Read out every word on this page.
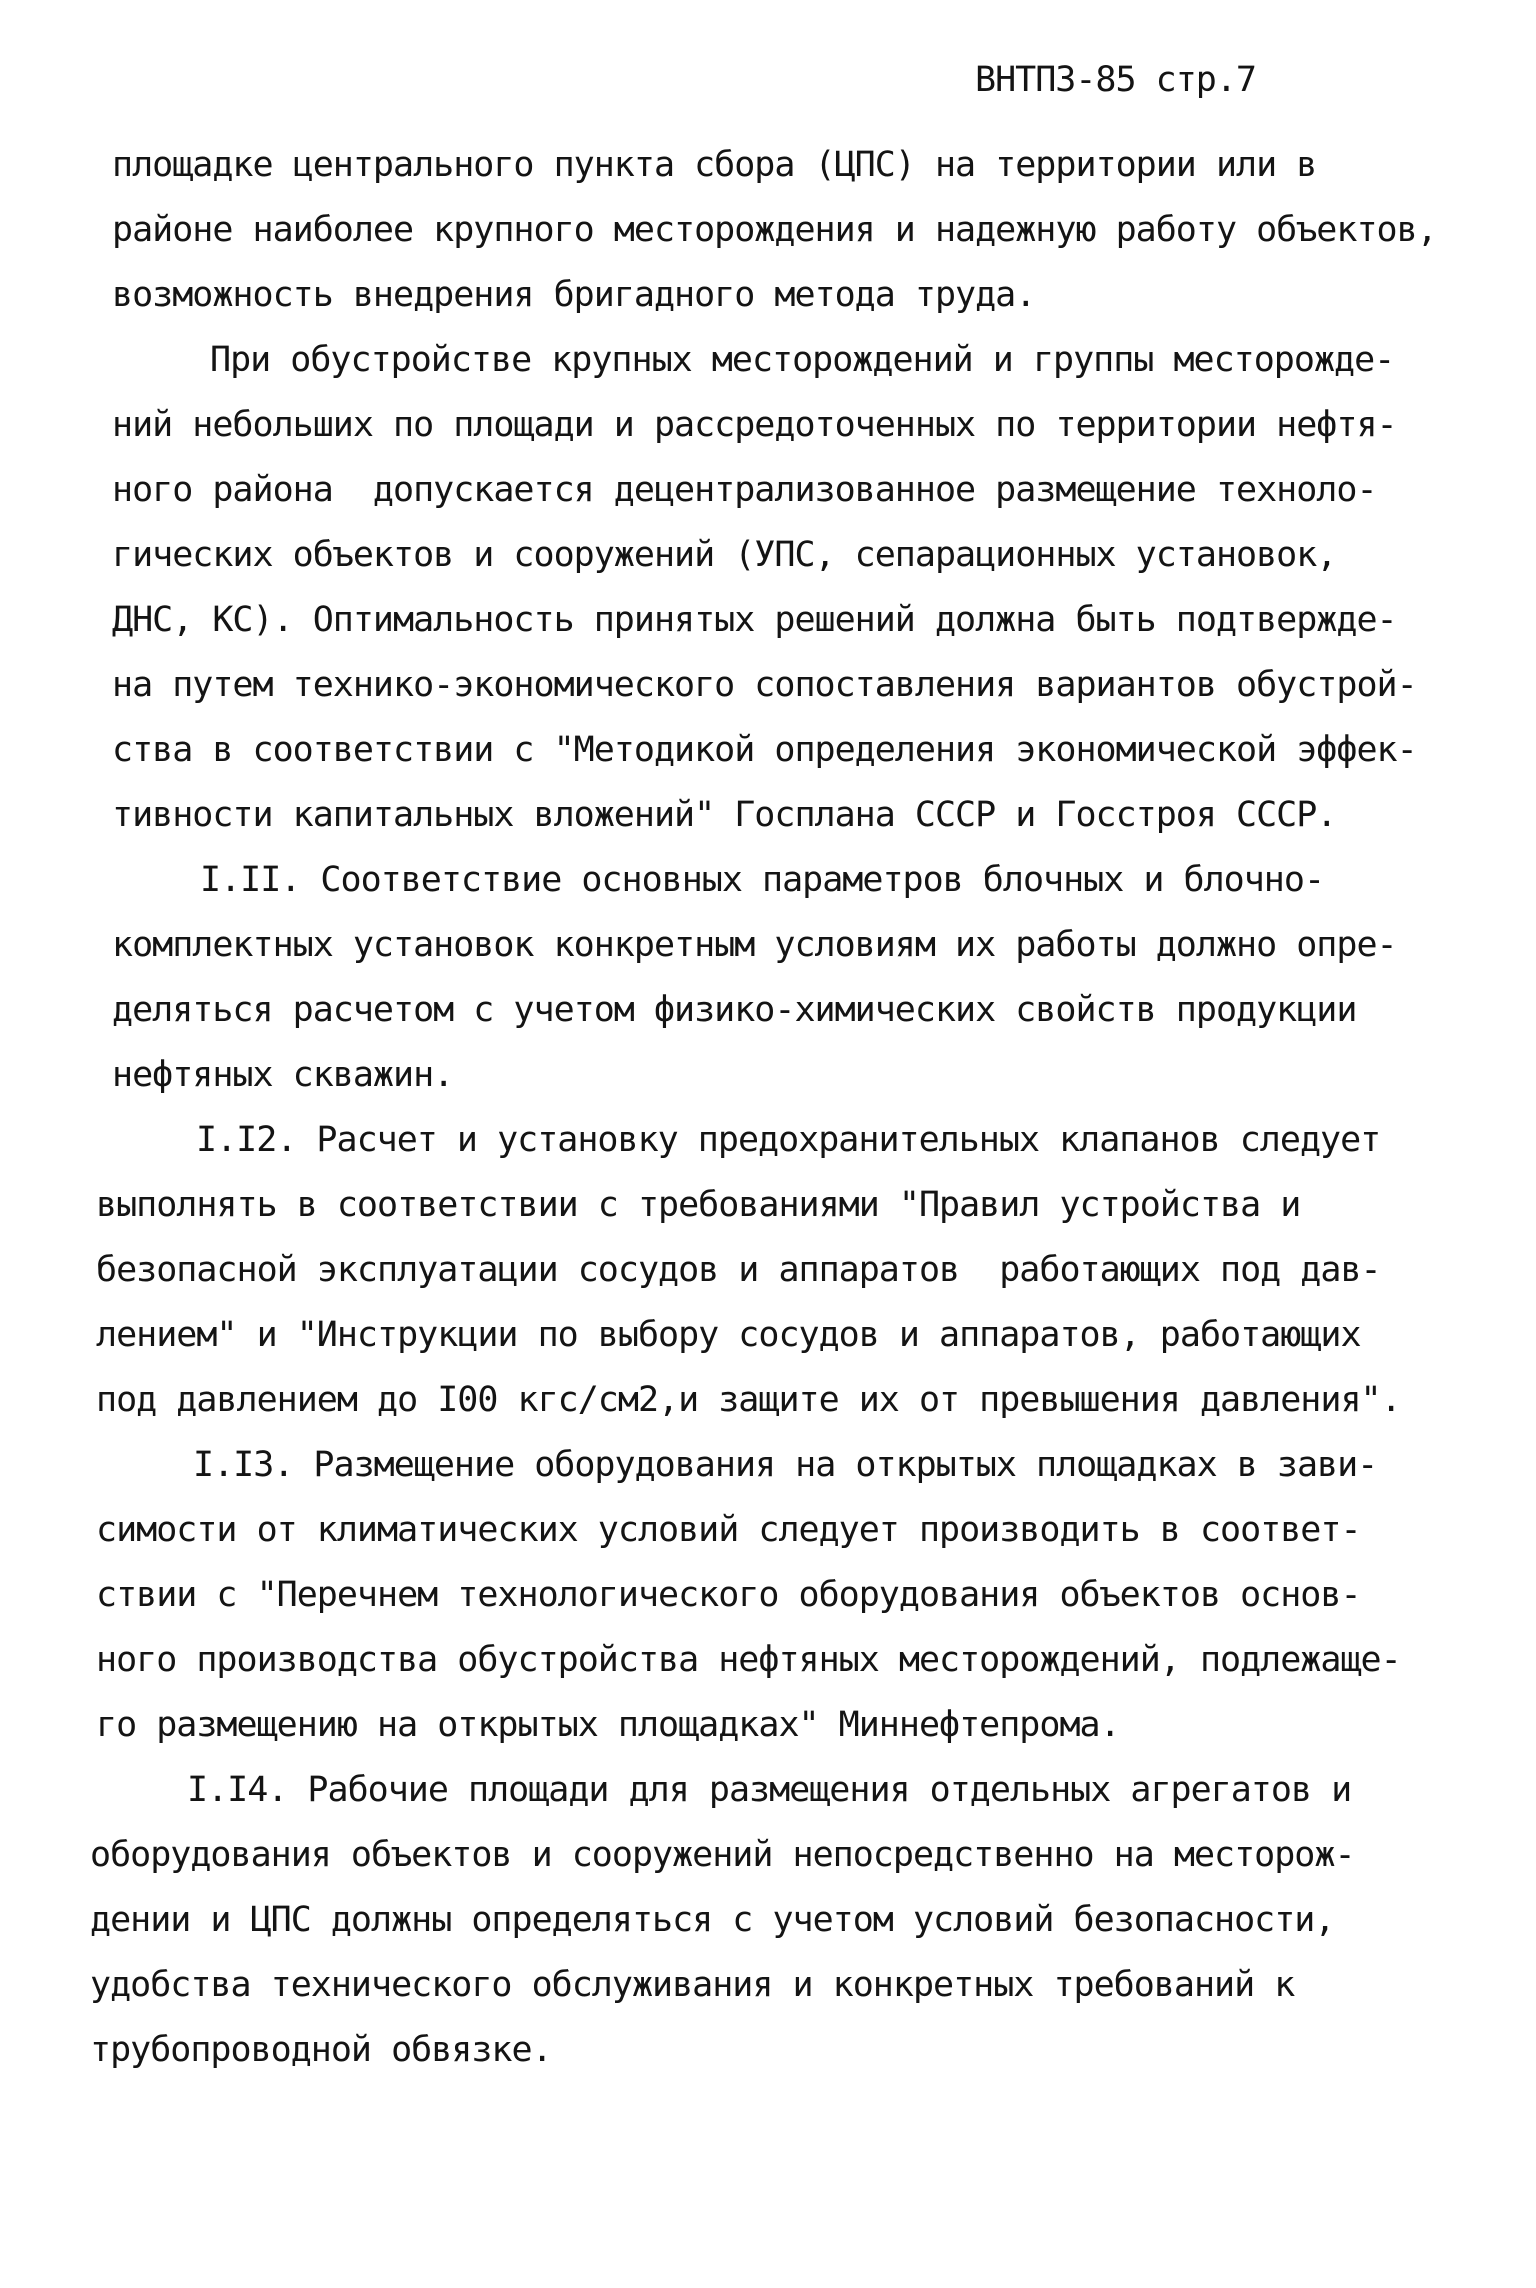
ВНТПЗ-85 стр.7
площадке центрального пункта сбора (ЦПС) на территории или в
районе наиболее крупного месторождения и надежную работу объектов,
возможность внедрения бригадного метода труда.
При обустройстве крупных месторождений и группы месторожде-
ний небольших по площади и рассредоточенных по территории нефтя-
ного района  допускается децентрализованное размещение техноло-
гических объектов и сооружений (УПС, сепарационных установок,
ДНС, КС). Оптимальность принятых решений должна быть подтвержде-
на путем технико-экономического сопоставления вариантов обустрой-
ства в соответствии с "Методикой определения экономической эффек-
тивности капитальных вложений" Госплана СССР и Госстроя СССР.
I.II. Соответствие основных параметров блочных и блочно-
комплектных установок конкретным условиям их работы должно опре-
деляться расчетом с учетом физико-химических свойств продукции
нефтяных скважин.
I.I2. Расчет и установку предохранительных клапанов следует
выполнять в соответствии с требованиями "Правил устройства и
безопасной эксплуатации сосудов и аппаратов  работающих под дав-
лением" и "Инструкции по выбору сосудов и аппаратов, работающих
под давлением до I00 кгс/см2,и защите их от превышения давления".
I.I3. Размещение оборудования на открытых площадках в зави-
симости от климатических условий следует производить в соответ-
ствии с "Перечнем технологического оборудования объектов основ-
ного производства обустройства нефтяных месторождений, подлежаще-
го размещению на открытых площадках" Миннефтепрома.
I.I4. Рабочие площади для размещения отдельных агрегатов и
оборудования объектов и сооружений непосредственно на месторож-
дении и ЦПС должны определяться с учетом условий безопасности,
удобства технического обслуживания и конкретных требований к
трубопроводной обвязке.
